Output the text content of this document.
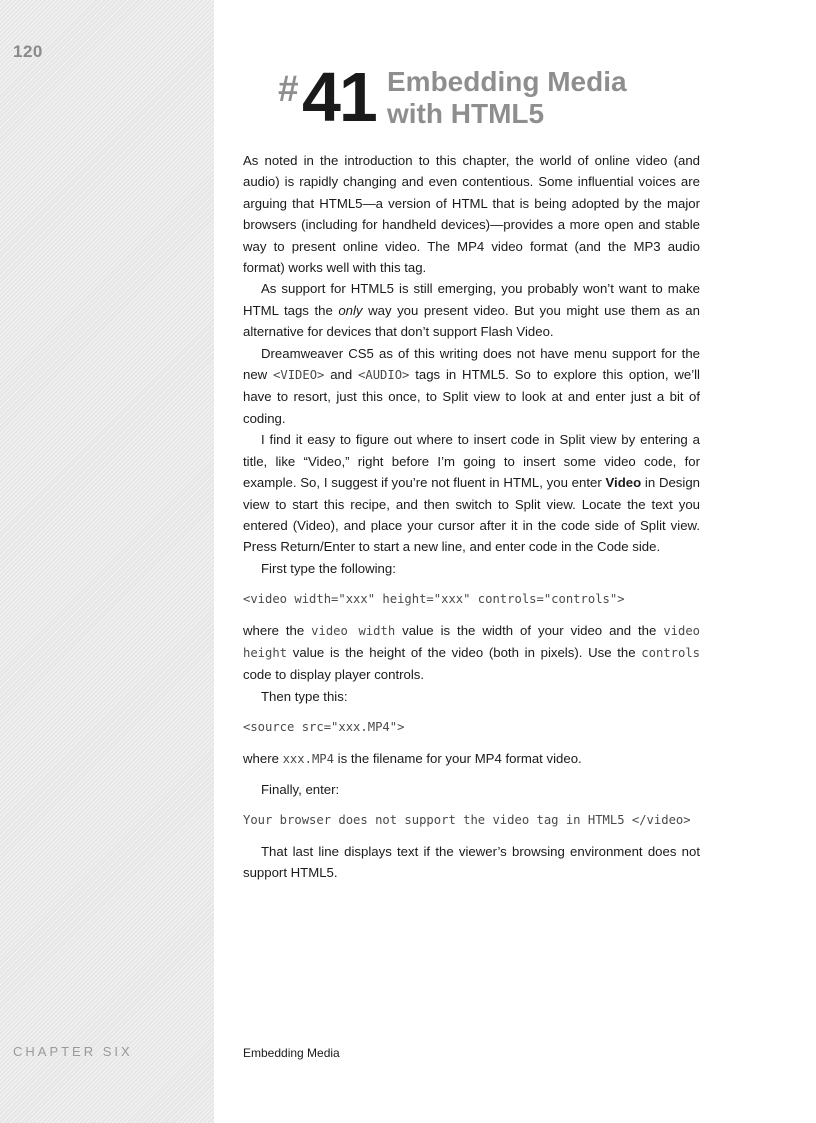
120
CHAPTER SIX
# 41 Embedding Media with HTML5

As noted in the introduction to this chapter, the world of online video (and audio) is rapidly changing and even contentious. Some influential voices are arguing that HTML5—a version of HTML that is being adopted by the major browsers (including for handheld devices)—provides a more open and stable way to present online video. The MP4 video format (and the MP3 audio format) works well with this tag.

As support for HTML5 is still emerging, you probably won’t want to make HTML tags the only way you present video. But you might use them as an alternative for devices that don’t support Flash Video.

Dreamweaver CS5 as of this writing does not have menu support for the new <VIDEO> and <AUDIO> tags in HTML5. So to explore this option, we’ll have to resort, just this once, to Split view to look at and enter just a bit of coding.

I find it easy to figure out where to insert code in Split view by entering a title, like “Video,” right before I’m going to insert some video code, for example. So, I suggest if you’re not fluent in HTML, you enter Video in Design view to start this recipe, and then switch to Split view. Locate the text you entered (Video), and place your cursor after it in the code side of Split view. Press Return/Enter to start a new line, and enter code in the Code side.

First type the following:

<video width="xxx" height="xxx" controls="controls">

where the video width value is the width of your video and the video height value is the height of the video (both in pixels). Use the controls code to display player controls.

Then type this:

<source src="xxx.MP4">

where xxx.MP4 is the filename for your MP4 format video.

Finally, enter:

Your browser does not support the video tag in HTML5 </video>

That last line displays text if the viewer’s browsing environment does not support HTML5.

Embedding Media
